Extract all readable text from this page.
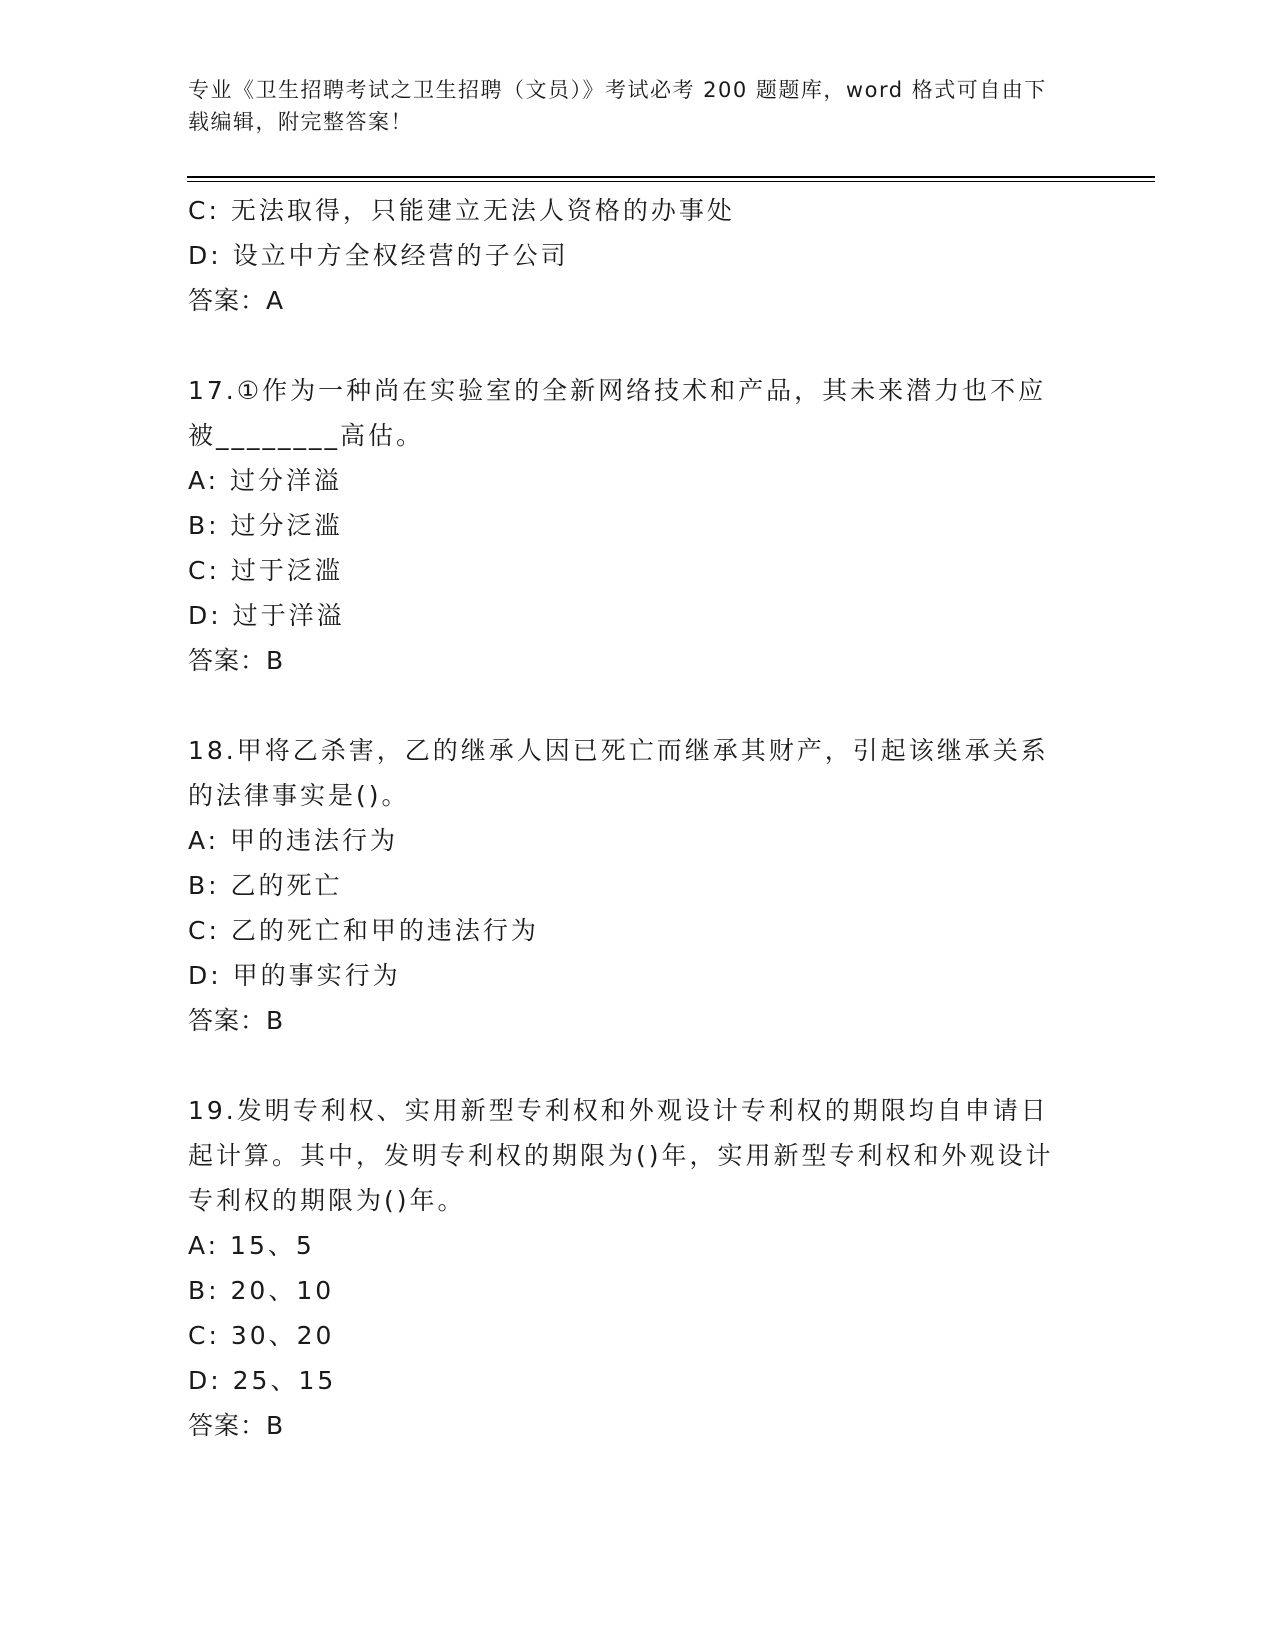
专业《卫生招聘考试之卫生招聘（文员）》考试必考 200 题题库，word 格式可自由下载编辑，附完整答案！
C: 无法取得，只能建立无法人资格的办事处
D: 设立中方全权经营的子公司
答案：A
17.①作为一种尚在实验室的全新网络技术和产品，其未来潜力也不应被________高估。
A: 过分洋溢
B: 过分泛滥
C: 过于泛滥
D: 过于洋溢
答案：B
18.甲将乙杀害，乙的继承人因已死亡而继承其财产，引起该继承关系的法律事实是()。
A: 甲的违法行为
B: 乙的死亡
C: 乙的死亡和甲的违法行为
D: 甲的事实行为
答案：B
19.发明专利权、实用新型专利权和外观设计专利权的期限均自申请日起计算。其中，发明专利权的期限为()年，实用新型专利权和外观设计专利权的期限为()年。
A: 15、5
B: 20、10
C: 30、20
D: 25、15
答案：B
